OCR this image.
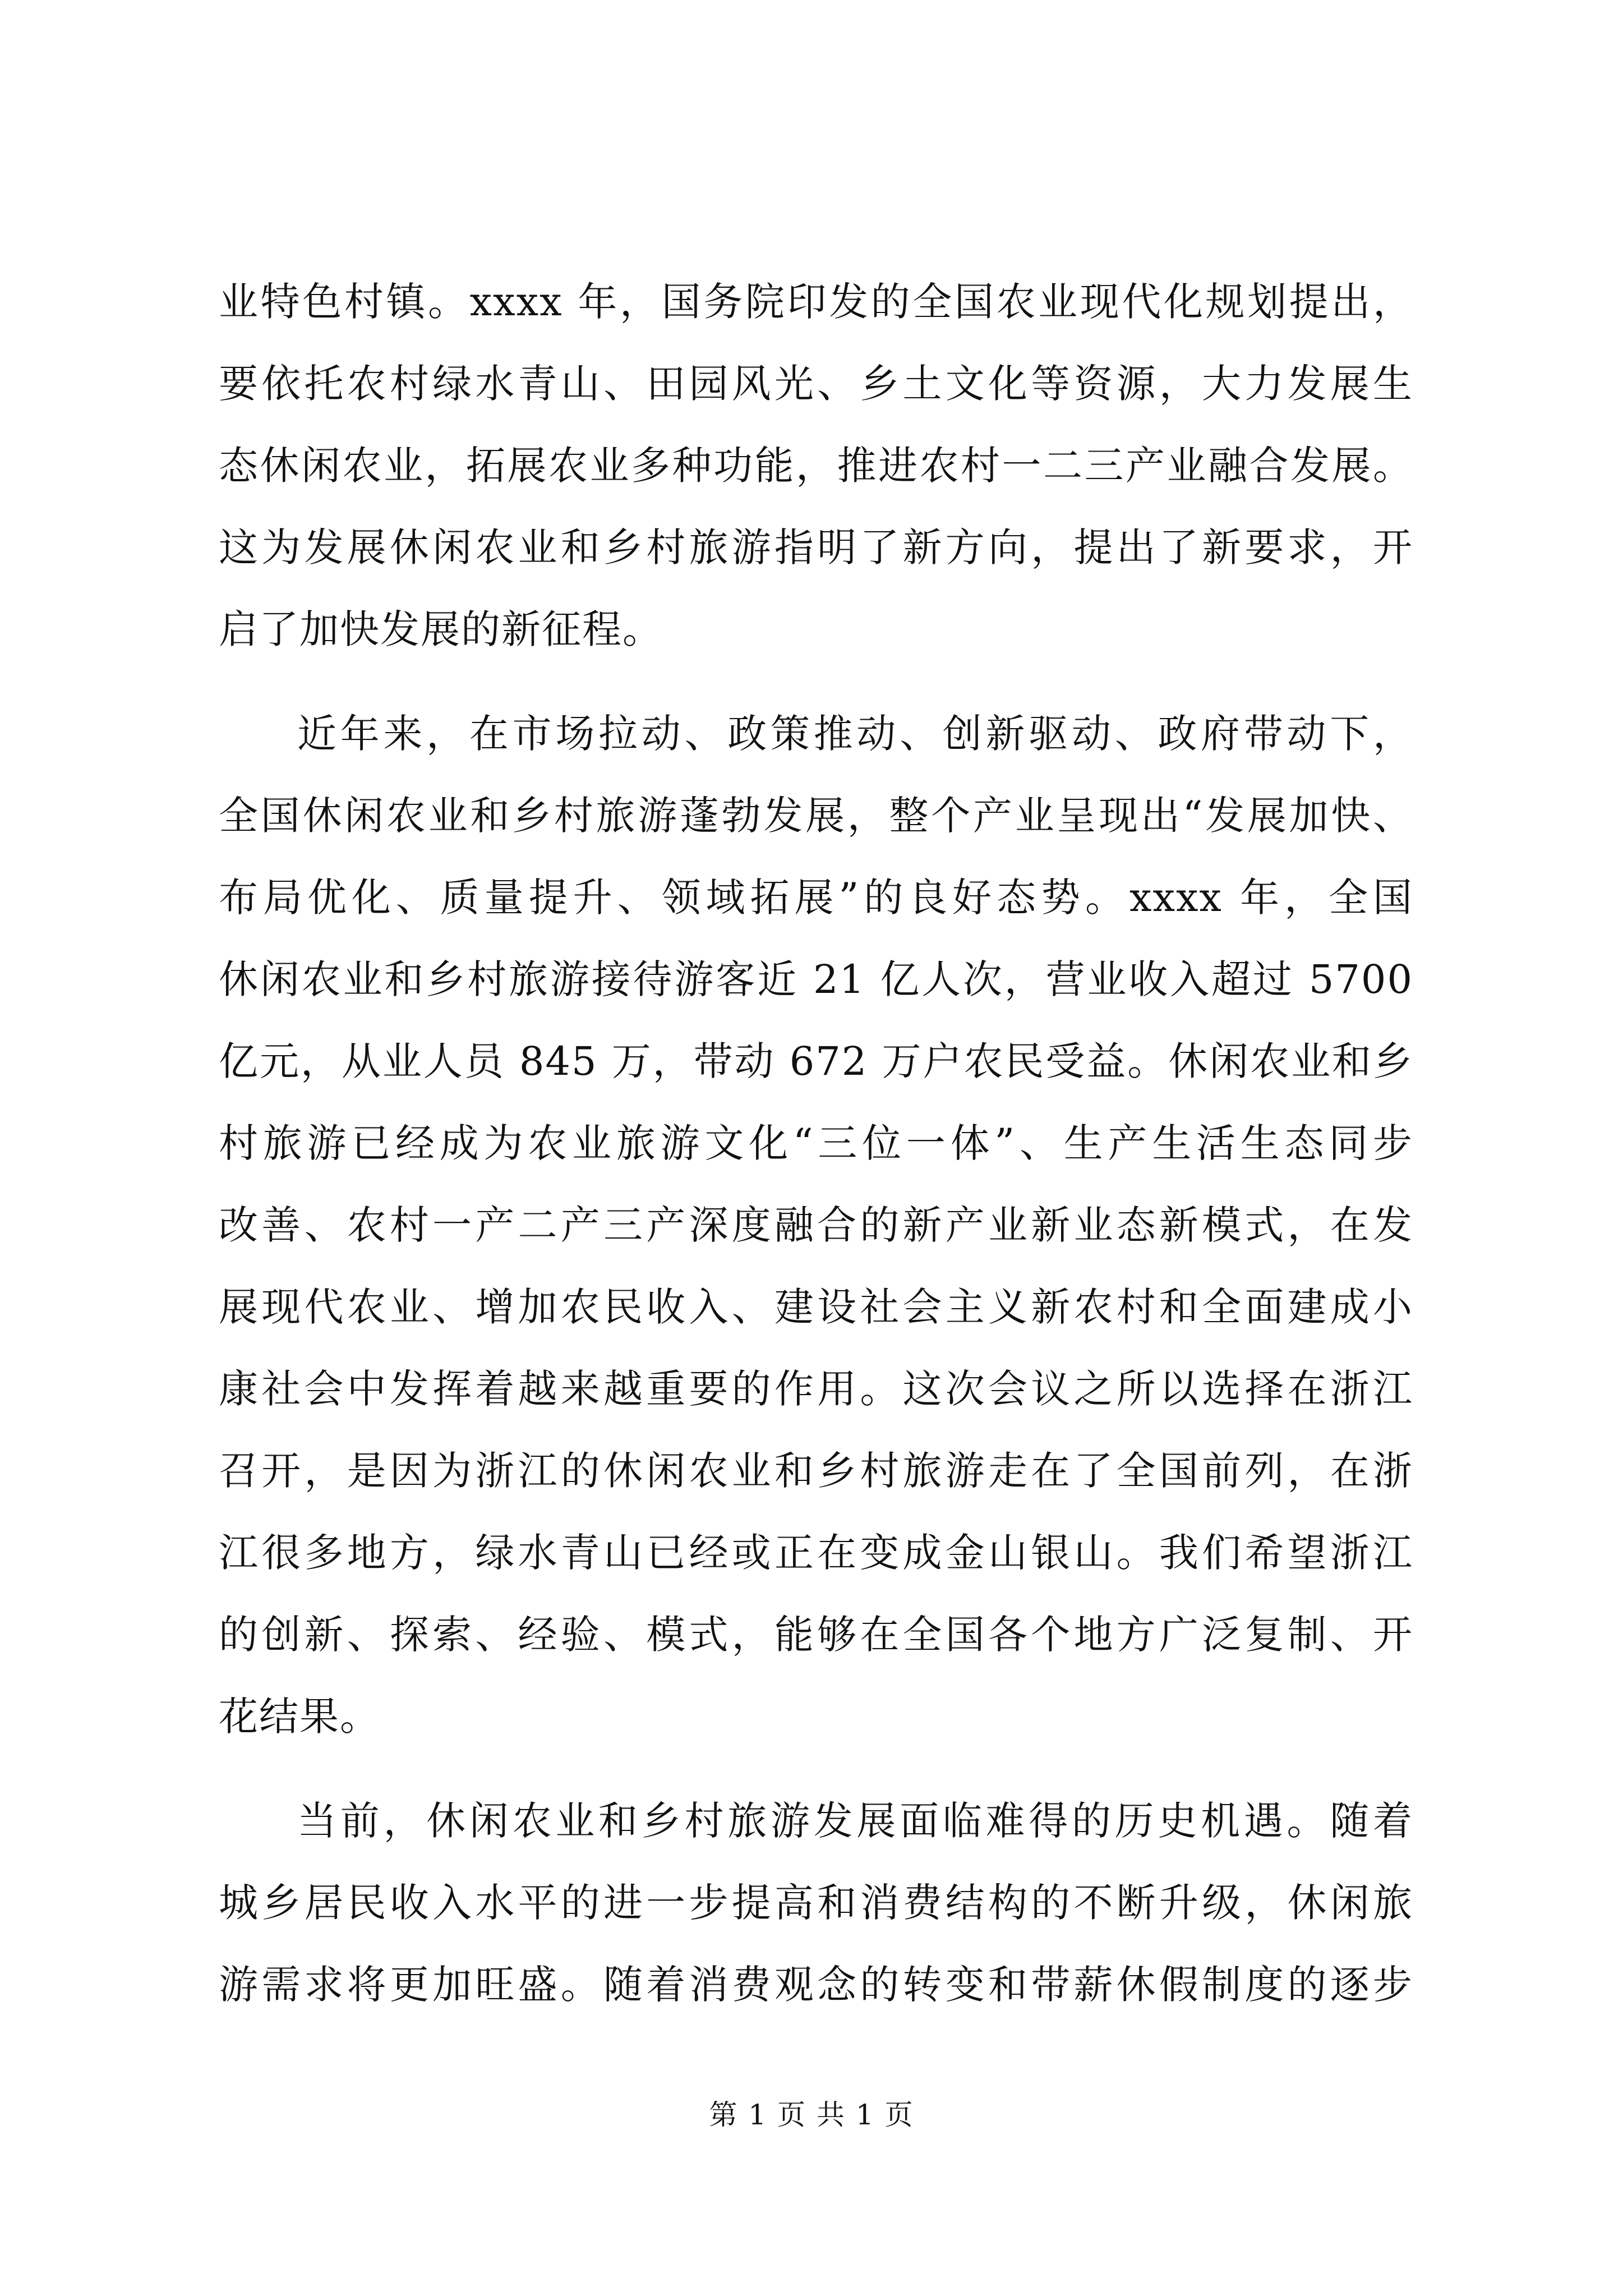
业特色村镇。xxxx 年，国务院印发的全国农业现代化规划提出，
要依托农村绿水青山、田园风光、乡土文化等资源，大力发展生
态休闲农业，拓展农业多种功能，推进农村一二三产业融合发展。
这为发展休闲农业和乡村旅游指明了新方向，提出了新要求，开
启了加快发展的新征程。
近年来，在市场拉动、政策推动、创新驱动、政府带动下，
全国休闲农业和乡村旅游蓬勃发展，整个产业呈现出“发展加快、
布局优化、质量提升、领域拓展”的良好态势。xxxx 年，全国
休闲农业和乡村旅游接待游客近 21 亿人次，营业收入超过 5700
亿元，从业人员 845 万，带动 672 万户农民受益。休闲农业和乡
村旅游已经成为农业旅游文化“三位一体”、生产生活生态同步
改善、农村一产二产三产深度融合的新产业新业态新模式，在发
展现代农业、增加农民收入、建设社会主义新农村和全面建成小
康社会中发挥着越来越重要的作用。这次会议之所以选择在浙江
召开，是因为浙江的休闲农业和乡村旅游走在了全国前列，在浙
江很多地方，绿水青山已经或正在变成金山银山。我们希望浙江
的创新、探索、经验、模式，能够在全国各个地方广泛复制、开
花结果。
当前，休闲农业和乡村旅游发展面临难得的历史机遇。随着
城乡居民收入水平的进一步提高和消费结构的不断升级，休闲旅
游需求将更加旺盛。随着消费观念的转变和带薪休假制度的逐步
第 1 页 共 1 页
